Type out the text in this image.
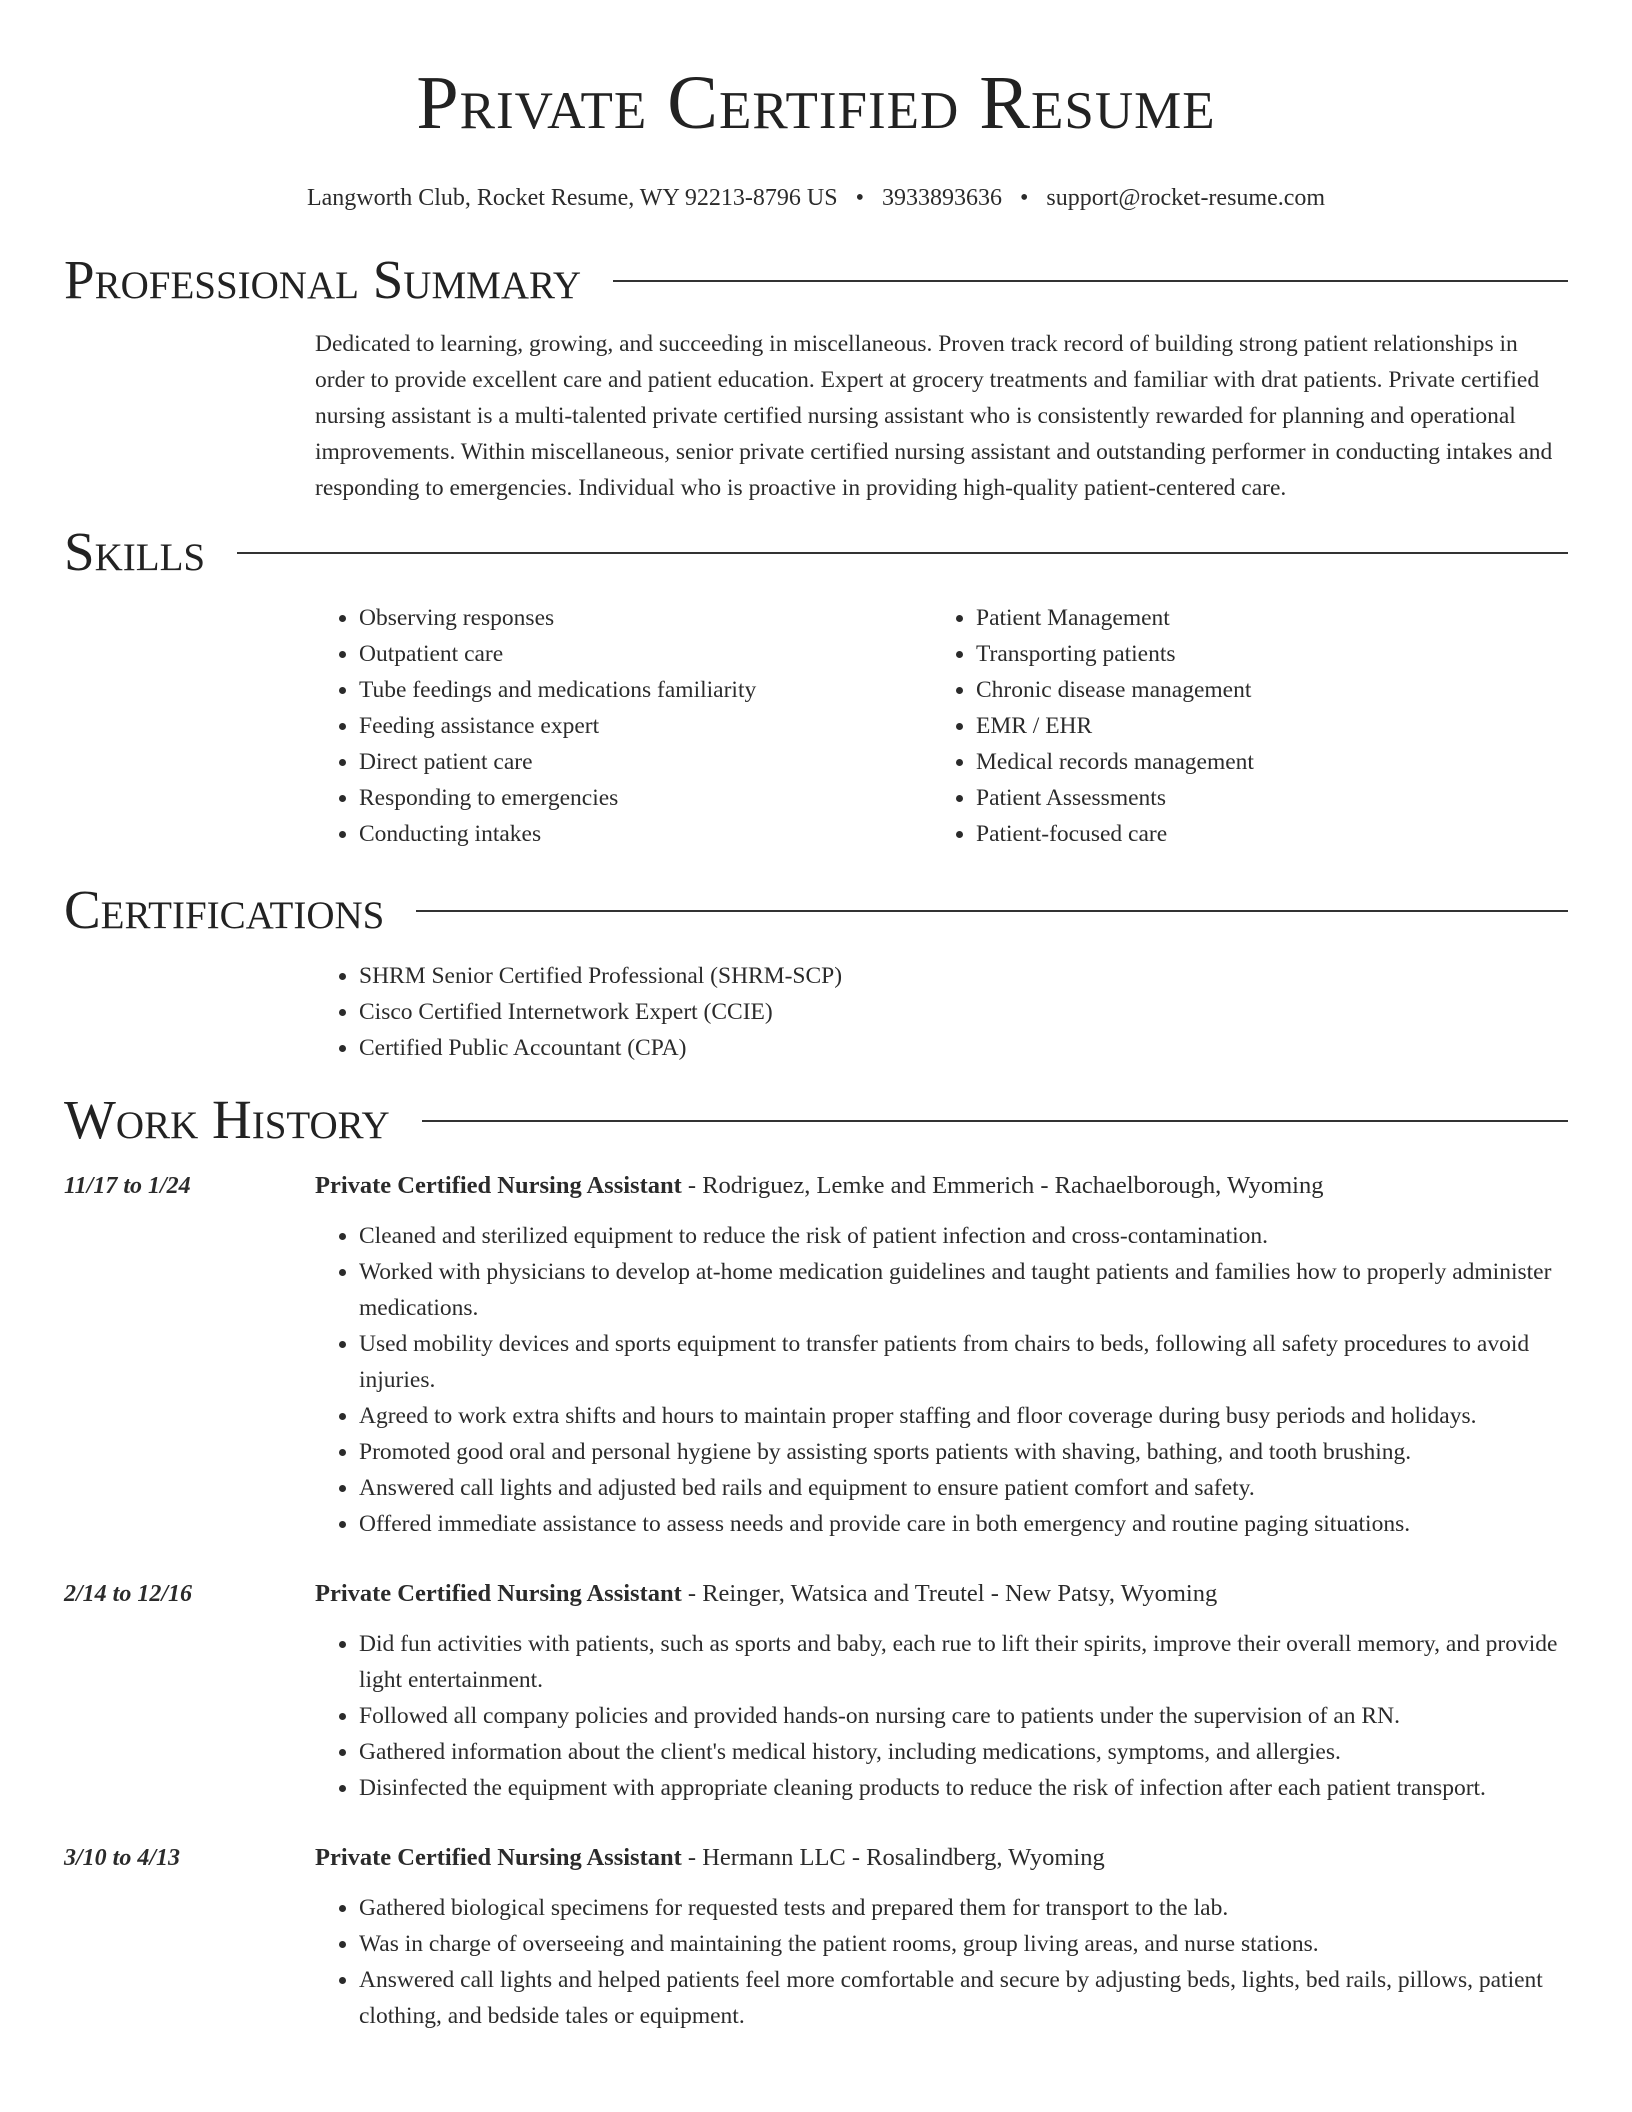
Private Certified Resume
Langworth Club, Rocket Resume, WY 92213-8796 US • 3933893636 • support@rocket-resume.com
Professional Summary

Dedicated to learning, growing, and succeeding in miscellaneous. Proven track record of building strong patient relationships in order to provide excellent care and patient education. Expert at grocery treatments and familiar with drat patients. Private certified nursing assistant is a multi-talented private certified nursing assistant who is consistently rewarded for planning and operational improvements. Within miscellaneous, senior private certified nursing assistant and outstanding performer in conducting intakes and responding to emergencies. Individual who is proactive in providing high-quality patient-centered care.

Skills
• Observing responses
• Outpatient care
• Tube feedings and medications familiarity
• Feeding assistance expert
• Direct patient care
• Responding to emergencies
• Conducting intakes
• Patient Management
• Transporting patients
• Chronic disease management
• EMR / EHR
• Medical records management
• Patient Assessments
• Patient-focused care
Certifications
• SHRM Senior Certified Professional (SHRM-SCP)
• Cisco Certified Internetwork Expert (CCIE)
• Certified Public Accountant (CPA)
Work History
11/17 to 1/24	Private Certified Nursing Assistant - Rodriguez, Lemke and Emmerich - Rachaelborough, Wyoming
• Cleaned and sterilized equipment to reduce the risk of patient infection and cross-contamination.
• Worked with physicians to develop at-home medication guidelines and taught patients and families how to properly administer medications.
• Used mobility devices and sports equipment to transfer patients from chairs to beds, following all safety procedures to avoid injuries.
• Agreed to work extra shifts and hours to maintain proper staffing and floor coverage during busy periods and holidays.
• Promoted good oral and personal hygiene by assisting sports patients with shaving, bathing, and tooth brushing.
• Answered call lights and adjusted bed rails and equipment to ensure patient comfort and safety.
• Offered immediate assistance to assess needs and provide care in both emergency and routine paging situations.
2/14 to 12/16	Private Certified Nursing Assistant - Reinger, Watsica and Treutel - New Patsy, Wyoming
• Did fun activities with patients, such as sports and baby, each rue to lift their spirits, improve their overall memory, and provide light entertainment.
• Followed all company policies and provided hands-on nursing care to patients under the supervision of an RN.
• Gathered information about the client's medical history, including medications, symptoms, and allergies.
• Disinfected the equipment with appropriate cleaning products to reduce the risk of infection after each patient transport.
3/10 to 4/13	Private Certified Nursing Assistant - Hermann LLC - Rosalindberg, Wyoming
• Gathered biological specimens for requested tests and prepared them for transport to the lab.
• Was in charge of overseeing and maintaining the patient rooms, group living areas, and nurse stations.
• Answered call lights and helped patients feel more comfortable and secure by adjusting beds, lights, bed rails, pillows, patient clothing, and bedside tales or equipment.
